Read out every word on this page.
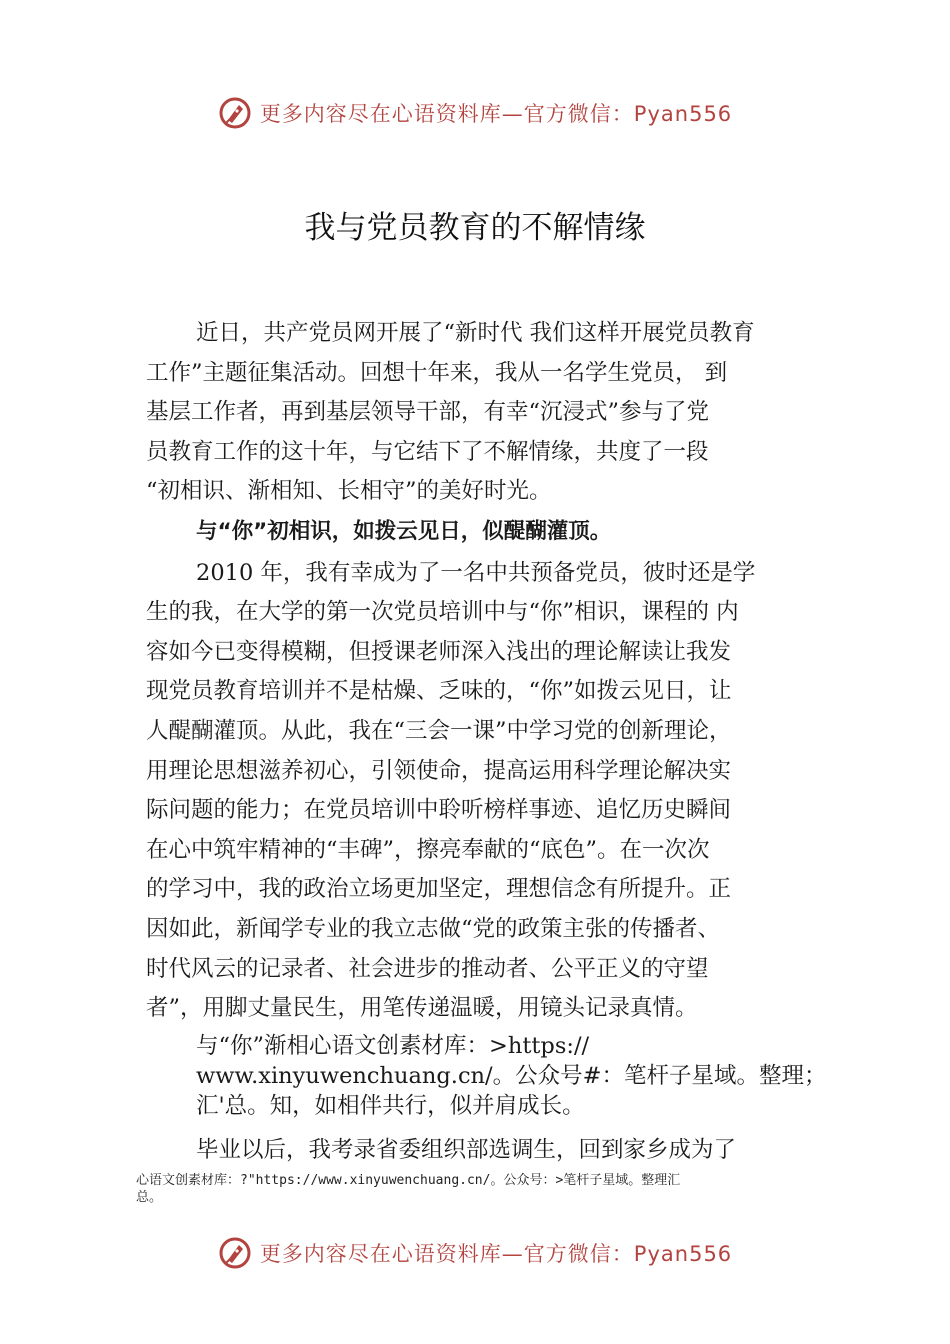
更多内容尽在心语资料库—官方微信：Pyan556
我与党员教育的不解情缘
近日，共产党员网开展了“新时代 我们这样开展党员教育
工作”主题征集活动。回想十年来，我从一名学生党员， 到
基层工作者，再到基层领导干部，有幸“沉浸式”参与了党
员教育工作的这十年，与它结下了不解情缘，共度了一段
“初相识、渐相知、长相守”的美好时光。
与“你”初相识，如拨云见日，似醍醐灌顶。
2010 年，我有幸成为了一名中共预备党员，彼时还是学
生的我，在大学的第一次党员培训中与“你”相识，课程的 内
容如今已变得模糊，但授课老师深入浅出的理论解读让我发
现党员教育培训并不是枯燥、乏味的，“你”如拨云见日，让
人醍醐灌顶。从此，我在“三会一课”中学习党的创新理论，
用理论思想滋养初心，引领使命，提高运用科学理论解决实
际问题的能力；在党员培训中聆听榜样事迹、追忆历史瞬间
在心中筑牢精神的“丰碑”，擦亮奉献的“底色”。在一次次
的学习中，我的政治立场更加坚定，理想信念有所提升。正
因如此，新闻学专业的我立志做“党的政策主张的传播者、
时代风云的记录者、社会进步的推动者、公平正义的守望
者”，用脚丈量民生，用笔传递温暖，用镜头记录真情。
与“你”渐相心语文创素材库：>https://
www.xinyuwenchuang.cn/。公众号#：笔杆子星域。整理；
汇'总。知，如相伴共行，似并肩成长。
毕业以后，我考录省委组织部选调生，回到家乡成为了
心语文创素材库：?"https://www.xinyuwenchuang.cn/。公众号：>笔杆子星域。整理汇
总。
更多内容尽在心语资料库—官方微信：Pyan556
